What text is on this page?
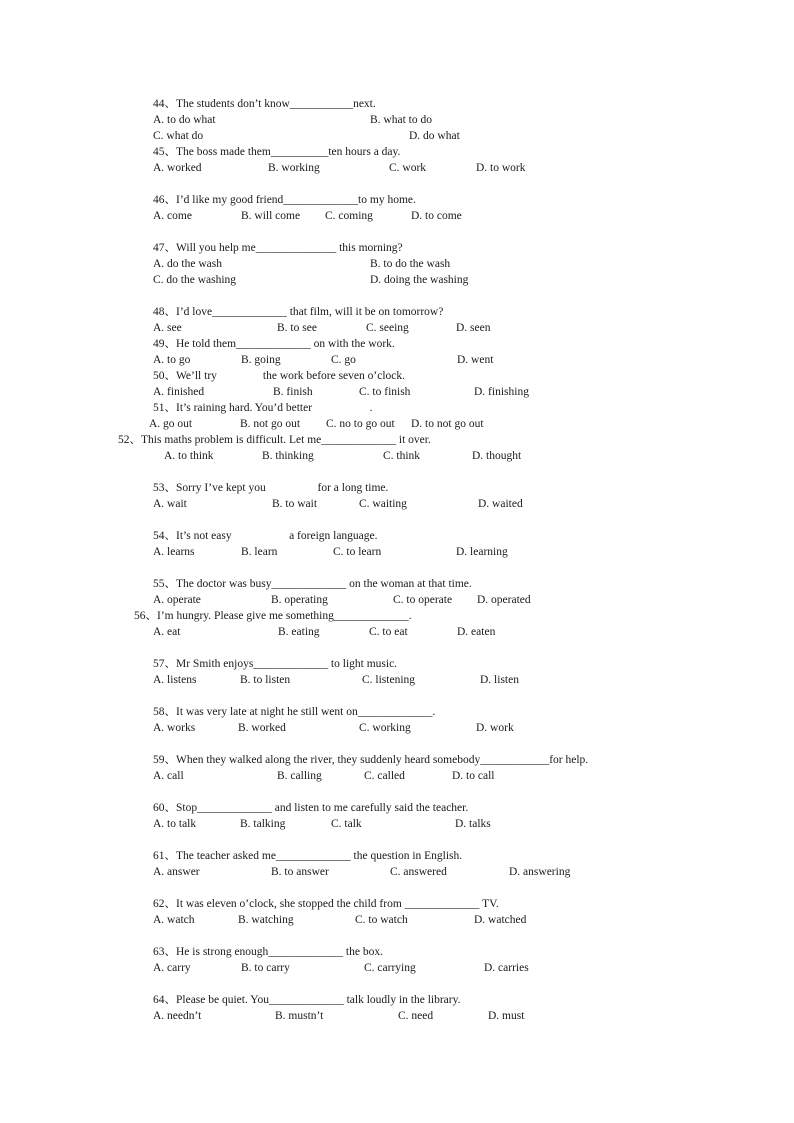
44、The students don’t know___________next.
A. to do what	B. what to do
C. what do	D. do what
45、The boss made them__________ten hours a day.
A. worked	B. working	C. work	D. to work
46、I’d like my good friend_____________to my home.
A. come	B. will come C. coming	D. to come
47、Will you help me______________ this morning?
A. do the wash	B. to do the wash
C. do the washing	D. doing the washing
48、I’d love_____________ that film, will it be on tomorrow?
A. see	B. to see	C. seeing	D. seen
49、He told them_____________ on with the work.
A. to go	B. going	C. go	D. went
50、We’ll try                the work before seven o’clock.
A. finished	B. finish	C. to finish	D. finishing
51、It’s raining hard. You’d better                    .
A. go out	B. not go out C. no to go out D. to not go out
52、This maths problem is difficult. Let me_____________ it over.
A. to think	B. thinking	C. think	D. thought
53、Sorry I’ve kept you                  for a long time.
A. wait	B. to wait	C. waiting	D. waited
54、It’s not easy                    a foreign language.
A. learns	B. learn	C. to learn	D. learning
55、The doctor was busy_____________ on the woman at that time.
A. operate	B. operating	C. to operate D. operated
56、I’m hungry. Please give me something_____________.
A. eat	B. eating	C. to eat	D. eaten
57、Mr Smith enjoys_____________ to light music.
A. listens	B. to listen	C. listening	D. listen
58、It was very late at night he still went on_____________.
A. works	B. worked	C. working	D. work
59、When they walked along the river, they suddenly heard somebody____________for help.
A. call	B. calling	C. called	D. to call
60、Stop_____________ and listen to me carefully said the teacher.
A. to talk	B. talking	C. talk	D. talks
61、The teacher asked me_____________ the question in English.
A. answer	B. to answer	C. answered	D. answering
62、It was eleven o’clock, she stopped the child from _____________ TV.
A. watch	B. watching	C. to watch	D. watched
63、He is strong enough_____________ the box.
A. carry	B. to carry	C. carrying	D. carries
64、Please be quiet. You_____________ talk loudly in the library.
A. needn’t	B. mustn’t	C. need	D. must
